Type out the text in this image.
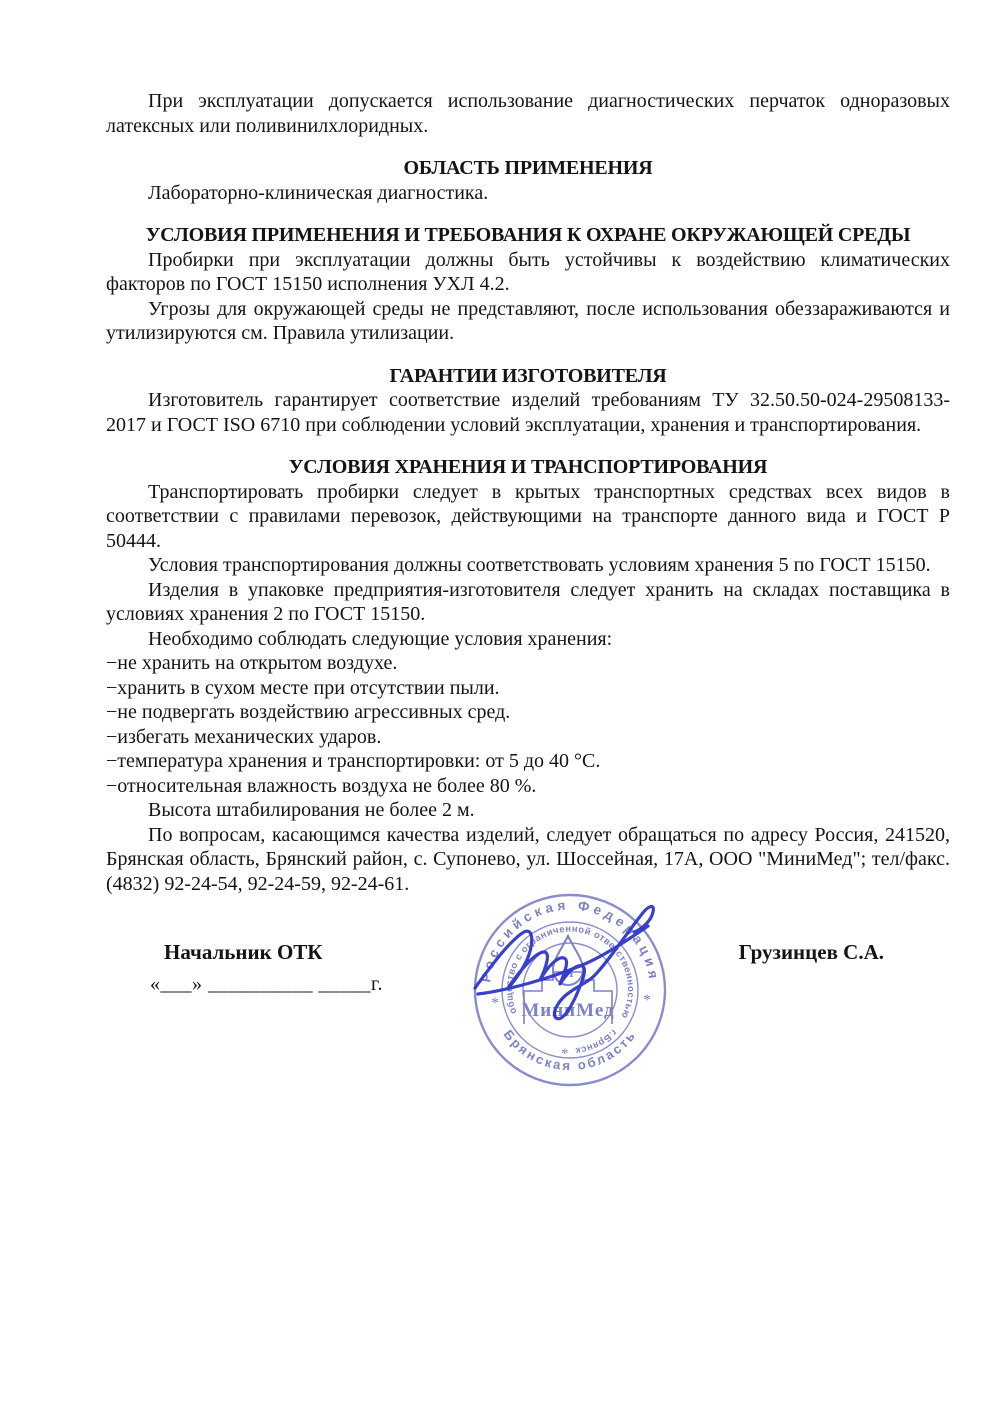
При эксплуатации допускается использование диагностических перчаток одноразовых латексных или поливинилхлоридных.

ОБЛАСТЬ ПРИМЕНЕНИЯ

Лабораторно-клиническая диагностика.

УСЛОВИЯ ПРИМЕНЕНИЯ И ТРЕБОВАНИЯ К ОХРАНЕ ОКРУЖАЮЩЕЙ СРЕДЫ

Пробирки при эксплуатации должны быть устойчивы к воздействию климатических факторов по ГОСТ 15150 исполнения УХЛ 4.2.

Угрозы для окружающей среды не представляют, после использования обеззараживаются и утилизируются см. Правила утилизации.

ГАРАНТИИ ИЗГОТОВИТЕЛЯ

Изготовитель гарантирует соответствие изделий требованиям ТУ 32.50.50-024-29508133-2017 и ГОСТ ISO 6710 при соблюдении условий эксплуатации, хранения и транспортирования.

УСЛОВИЯ ХРАНЕНИЯ И ТРАНСПОРТИРОВАНИЯ

Транспортировать пробирки следует в крытых транспортных средствах всех видов в соответствии с правилами перевозок, действующими на транспорте данного вида и ГОСТ Р 50444.

Условия транспортирования должны соответствовать условиям хранения 5 по ГОСТ 15150.

Изделия в упаковке предприятия-изготовителя следует хранить на складах поставщика в условиях хранения 2 по ГОСТ 15150.

Необходимо соблюдать следующие условия хранения:

−не хранить на открытом воздухе.

−хранить в сухом месте при отсутствии пыли.

−не подвергать воздействию агрессивных сред.

−избегать механических ударов.

−температура хранения и транспортировки: от 5 до 40 °С.

−относительная влажность воздуха не более 80 %.

Высота штабилирования не более 2 м.

По вопросам, касающимся качества изделий, следует обращаться по адресу Россия, 241520, Брянская область, Брянский район, с. Супонево, ул. Шоссейная, 17А, ООО "МиниМед"; тел/факс. (4832) 92-24-54, 92-24-59, 92-24-61.

Начальник ОТК
«___» __________ _____г.
Грузинцев С.А.
Российская Федерация
Брянская область
общество с ограниченной ответственностью
г.Брянск
*	*
*
М
МиниМед
